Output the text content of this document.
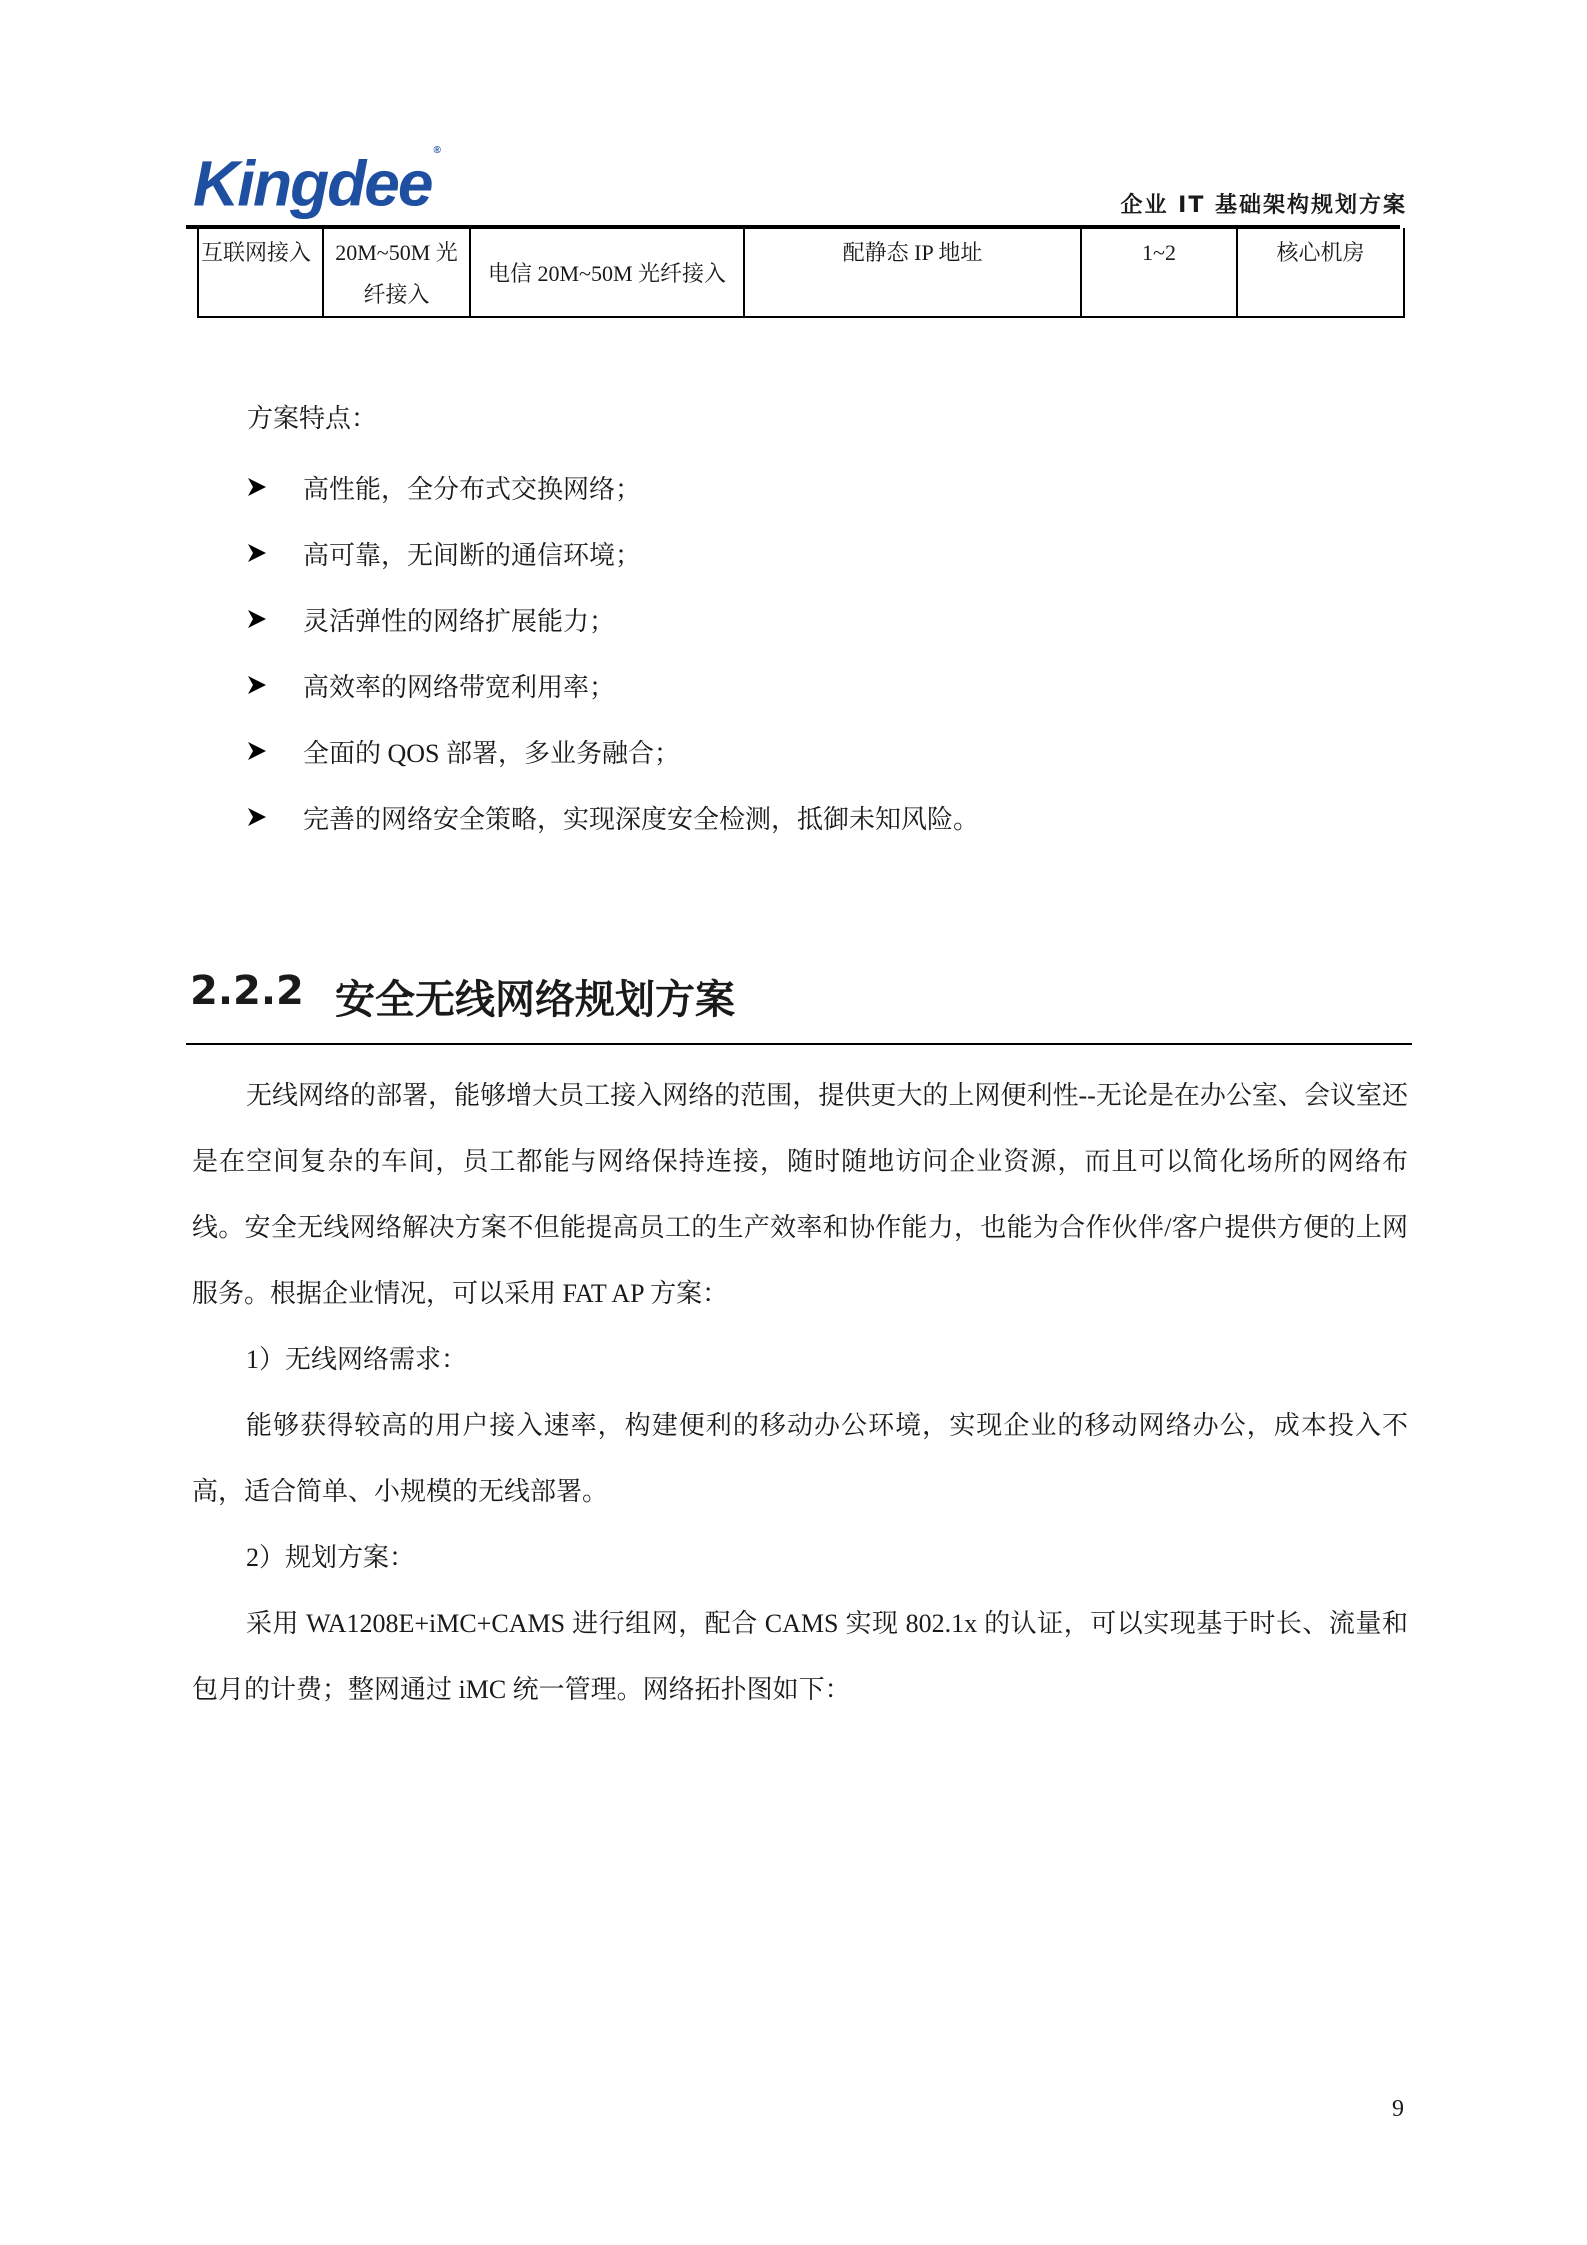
Kingdee ®
企业 IT 基础架构规划方案
互联网接入	20M~50M 光纤接入	电信 20M~50M 光纤接入	配静态 IP 地址	1~2	核心机房
方案特点：
高性能，全分布式交换网络；
高可靠，无间断的通信环境；
灵活弹性的网络扩展能力；
高效率的网络带宽利用率；
全面的 QOS 部署，多业务融合；
完善的网络安全策略，实现深度安全检测，抵御未知风险。
2.2.2 安全无线网络规划方案

无线网络的部署，能够增大员工接入网络的范围，提供更大的上网便利性--无论是在办公室、会议室还是在空间复杂的车间，员工都能与网络保持连接，随时随地访问企业资源，而且可以简化场所的网络布线。安全无线网络解决方案不但能提高员工的生产效率和协作能力，也能为合作伙伴/客户提供方便的上网服务。根据企业情况，可以采用 FAT AP 方案：

1）无线网络需求：

能够获得较高的用户接入速率，构建便利的移动办公环境，实现企业的移动网络办公，成本投入不高，适合简单、小规模的无线部署。

2）规划方案：

采用 WA1208E+iMC+CAMS 进行组网，配合 CAMS 实现 802.1x 的认证，可以实现基于时长、流量和包月的计费；整网通过 iMC 统一管理。网络拓扑图如下：

9
